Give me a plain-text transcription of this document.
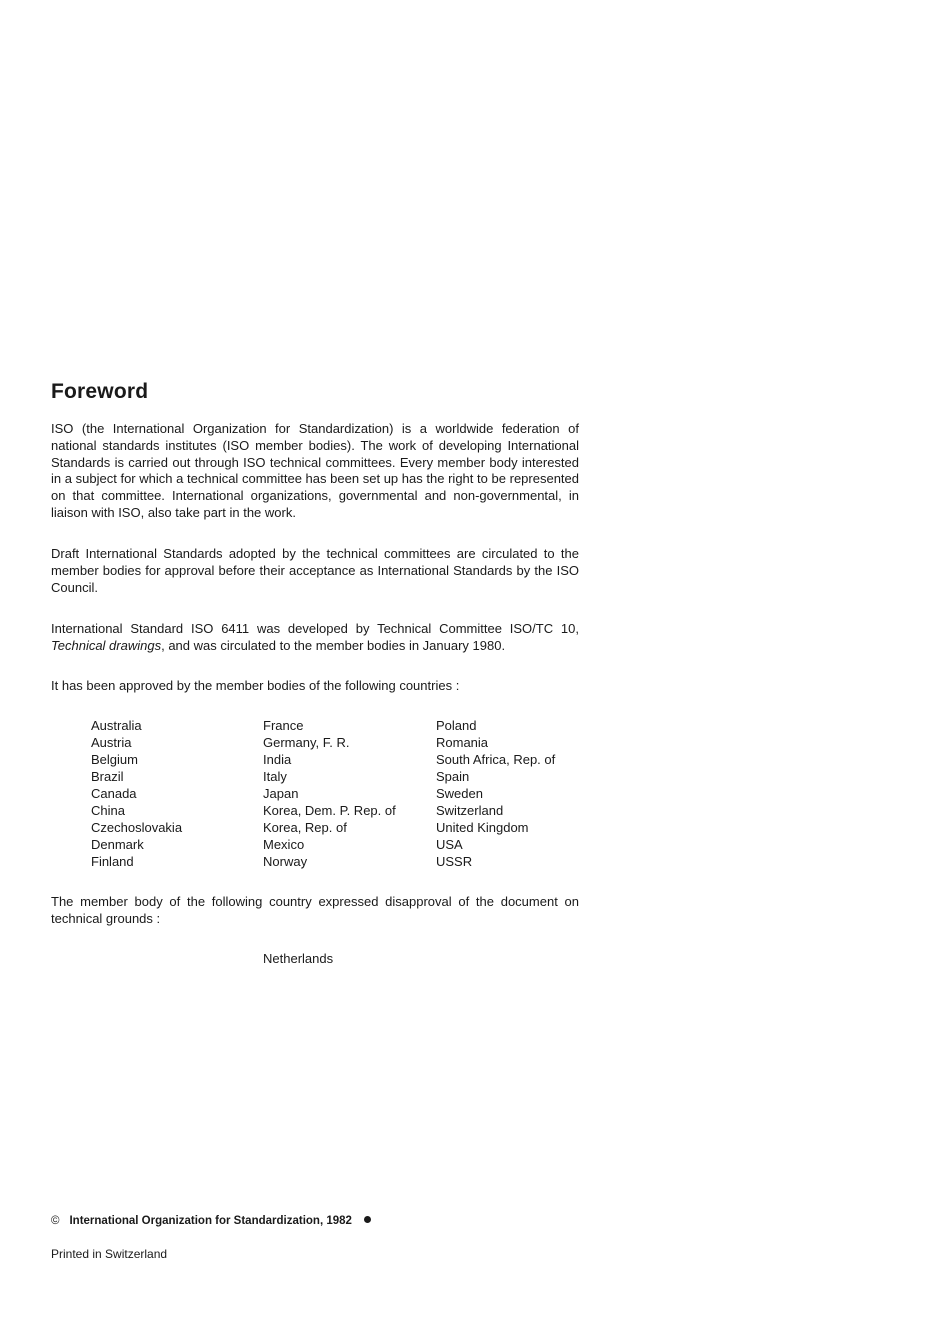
Foreword

ISO (the International Organization for Standardization) is a worldwide federation of national standards institutes (ISO member bodies). The work of developing International Standards is carried out through ISO technical committees. Every member body interested in a subject for which a technical committee has been set up has the right to be represented on that committee. International organizations, governmental and non-governmental, in liaison with ISO, also take part in the work.

Draft International Standards adopted by the technical committees are circulated to the member bodies for approval before their acceptance as International Standards by the ISO Council.

International Standard ISO 6411 was developed by Technical Committee ISO/TC 10, Technical drawings, and was circulated to the member bodies in January 1980.

It has been approved by the member bodies of the following countries :

Australia
Austria
Belgium
Brazil
Canada
China
Czechoslovakia
Denmark
Finland
France
Germany, F. R.
India
Italy
Japan
Korea, Dem. P. Rep. of
Korea, Rep. of
Mexico
Norway
Poland
Romania
South Africa, Rep. of
Spain
Sweden
Switzerland
United Kingdom
USA
USSR

The member body of the following country expressed disapproval of the document on technical grounds :

Netherlands
© International Organization for Standardization, 1982
Printed in Switzerland
